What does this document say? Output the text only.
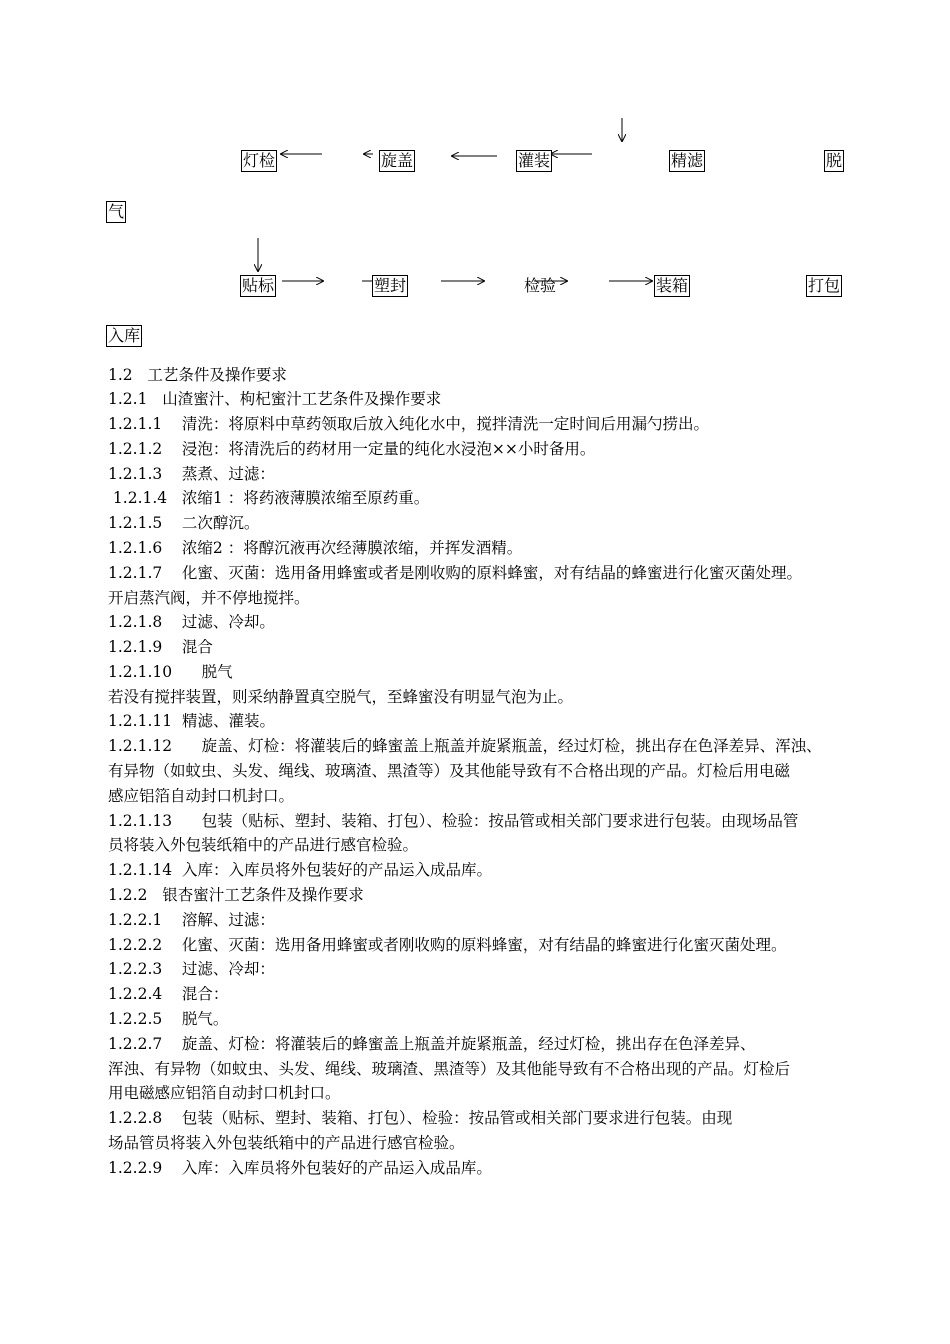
灯检	旋盖	灌装	精滤	脱
气
贴标	塑封	检验	装箱	打包
入库
1.2   工艺条件及操作要求
1.2.1   山渣蜜汁、枸杞蜜汁工艺条件及操作要求
1.2.1.1    清洗：将原料中草药领取后放入纯化水中，搅拌清洗一定时间后用漏勺捞出。
1.2.1.2    浸泡：将清洗后的药材用一定量的纯化水浸泡××小时备用。
1.2.1.3    蒸煮、过滤：
1.2.1.4   浓缩1 ：将药液薄膜浓缩至原药重。
1.2.1.5    二次醇沉。
1.2.1.6    浓缩2 ：将醇沉液再次经薄膜浓缩，并挥发酒精。
1.2.1.7    化蜜、灭菌：选用备用蜂蜜或者是刚收购的原料蜂蜜，对有结晶的蜂蜜进行化蜜灭菌处理。
开启蒸汽阀，并不停地搅拌。
1.2.1.8    过滤、冷却。
1.2.1.9    混合
1.2.1.10      脱气
若没有搅拌装置，则采纳静置真空脱气，至蜂蜜没有明显气泡为止。
1.2.1.11  精滤、灌装。
1.2.1.12      旋盖、灯检：将灌装后的蜂蜜盖上瓶盖并旋紧瓶盖，经过灯检，挑出存在色泽差异、浑浊、
有异物（如蚊虫、头发、绳线、玻璃渣、黑渣等）及其他能导致有不合格出现的产品。灯检后用电磁
感应铝箔自动封口机封口。
1.2.1.13      包装（贴标、塑封、装箱、打包）、检验：按品管或相关部门要求进行包装。由现场品管
员将装入外包装纸箱中的产品进行感官检验。
1.2.1.14  入库：入库员将外包装好的产品运入成品库。
1.2.2   银杏蜜汁工艺条件及操作要求
1.2.2.1    溶解、过滤：
1.2.2.2    化蜜、灭菌：选用备用蜂蜜或者刚收购的原料蜂蜜，对有结晶的蜂蜜进行化蜜灭菌处理。
1.2.2.3    过滤、冷却：
1.2.2.4    混合：
1.2.2.5    脱气。
1.2.2.7    旋盖、灯检：将灌装后的蜂蜜盖上瓶盖并旋紧瓶盖，经过灯检，挑出存在色泽差异、
浑浊、有异物（如蚊虫、头发、绳线、玻璃渣、黑渣等）及其他能导致有不合格出现的产品。灯检后
用电磁感应铝箔自动封口机封口。
1.2.2.8    包装（贴标、塑封、装箱、打包）、检验：按品管或相关部门要求进行包装。由现
场品管员将装入外包装纸箱中的产品进行感官检验。
1.2.2.9    入库：入库员将外包装好的产品运入成品库。
